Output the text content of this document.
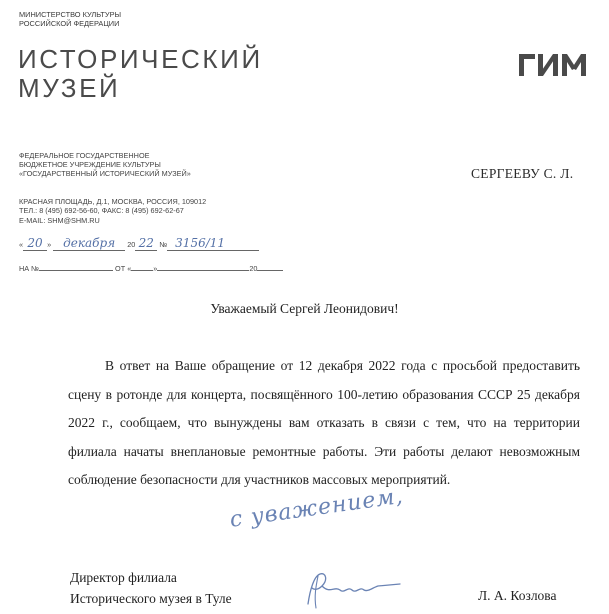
МИНИСТЕРСТВО КУЛЬТУРЫ
РОССИЙСКОЙ ФЕДЕРАЦИИ
ИСТОРИЧЕСКИЙ
МУЗЕЙ
ФЕДЕРАЛЬНОЕ ГОСУДАРСТВЕННОЕ
БЮДЖЕТНОЕ УЧРЕЖДЕНИЕ КУЛЬТУРЫ
«ГОСУДАРСТВЕННЫЙ ИСТОРИЧЕСКИЙ МУЗЕЙ»
КРАСНАЯ ПЛОЩАДЬ, Д.1, МОСКВА, РОССИЯ, 109012
ТЕЛ.: 8 (495) 692-56-60, ФАКС: 8 (495) 692-62-67
E-MAIL: SHM@SHM.RU
СЕРГЕЕВУ С. Л.
« 20 » декабря 20 22 № 3156/11
НА №	ОТ «	»	20
Уважаемый Сергей Леонидович!

В ответ на Ваше обращение от 12 декабря 2022 года с просьбой предоставить сцену в ротонде для концерта, посвящённого 100-летию образования СССР 25 декабря 2022 г., сообщаем, что вынуждены вам отказать в связи с тем, что на территории филиала начаты внеплановые ремонтные работы. Эти работы делают невозможным соблюдение безопасности для участников массовых мероприятий.

с уважением,
Директор филиала
Исторического музея в Туле	Л. А. Козлова
